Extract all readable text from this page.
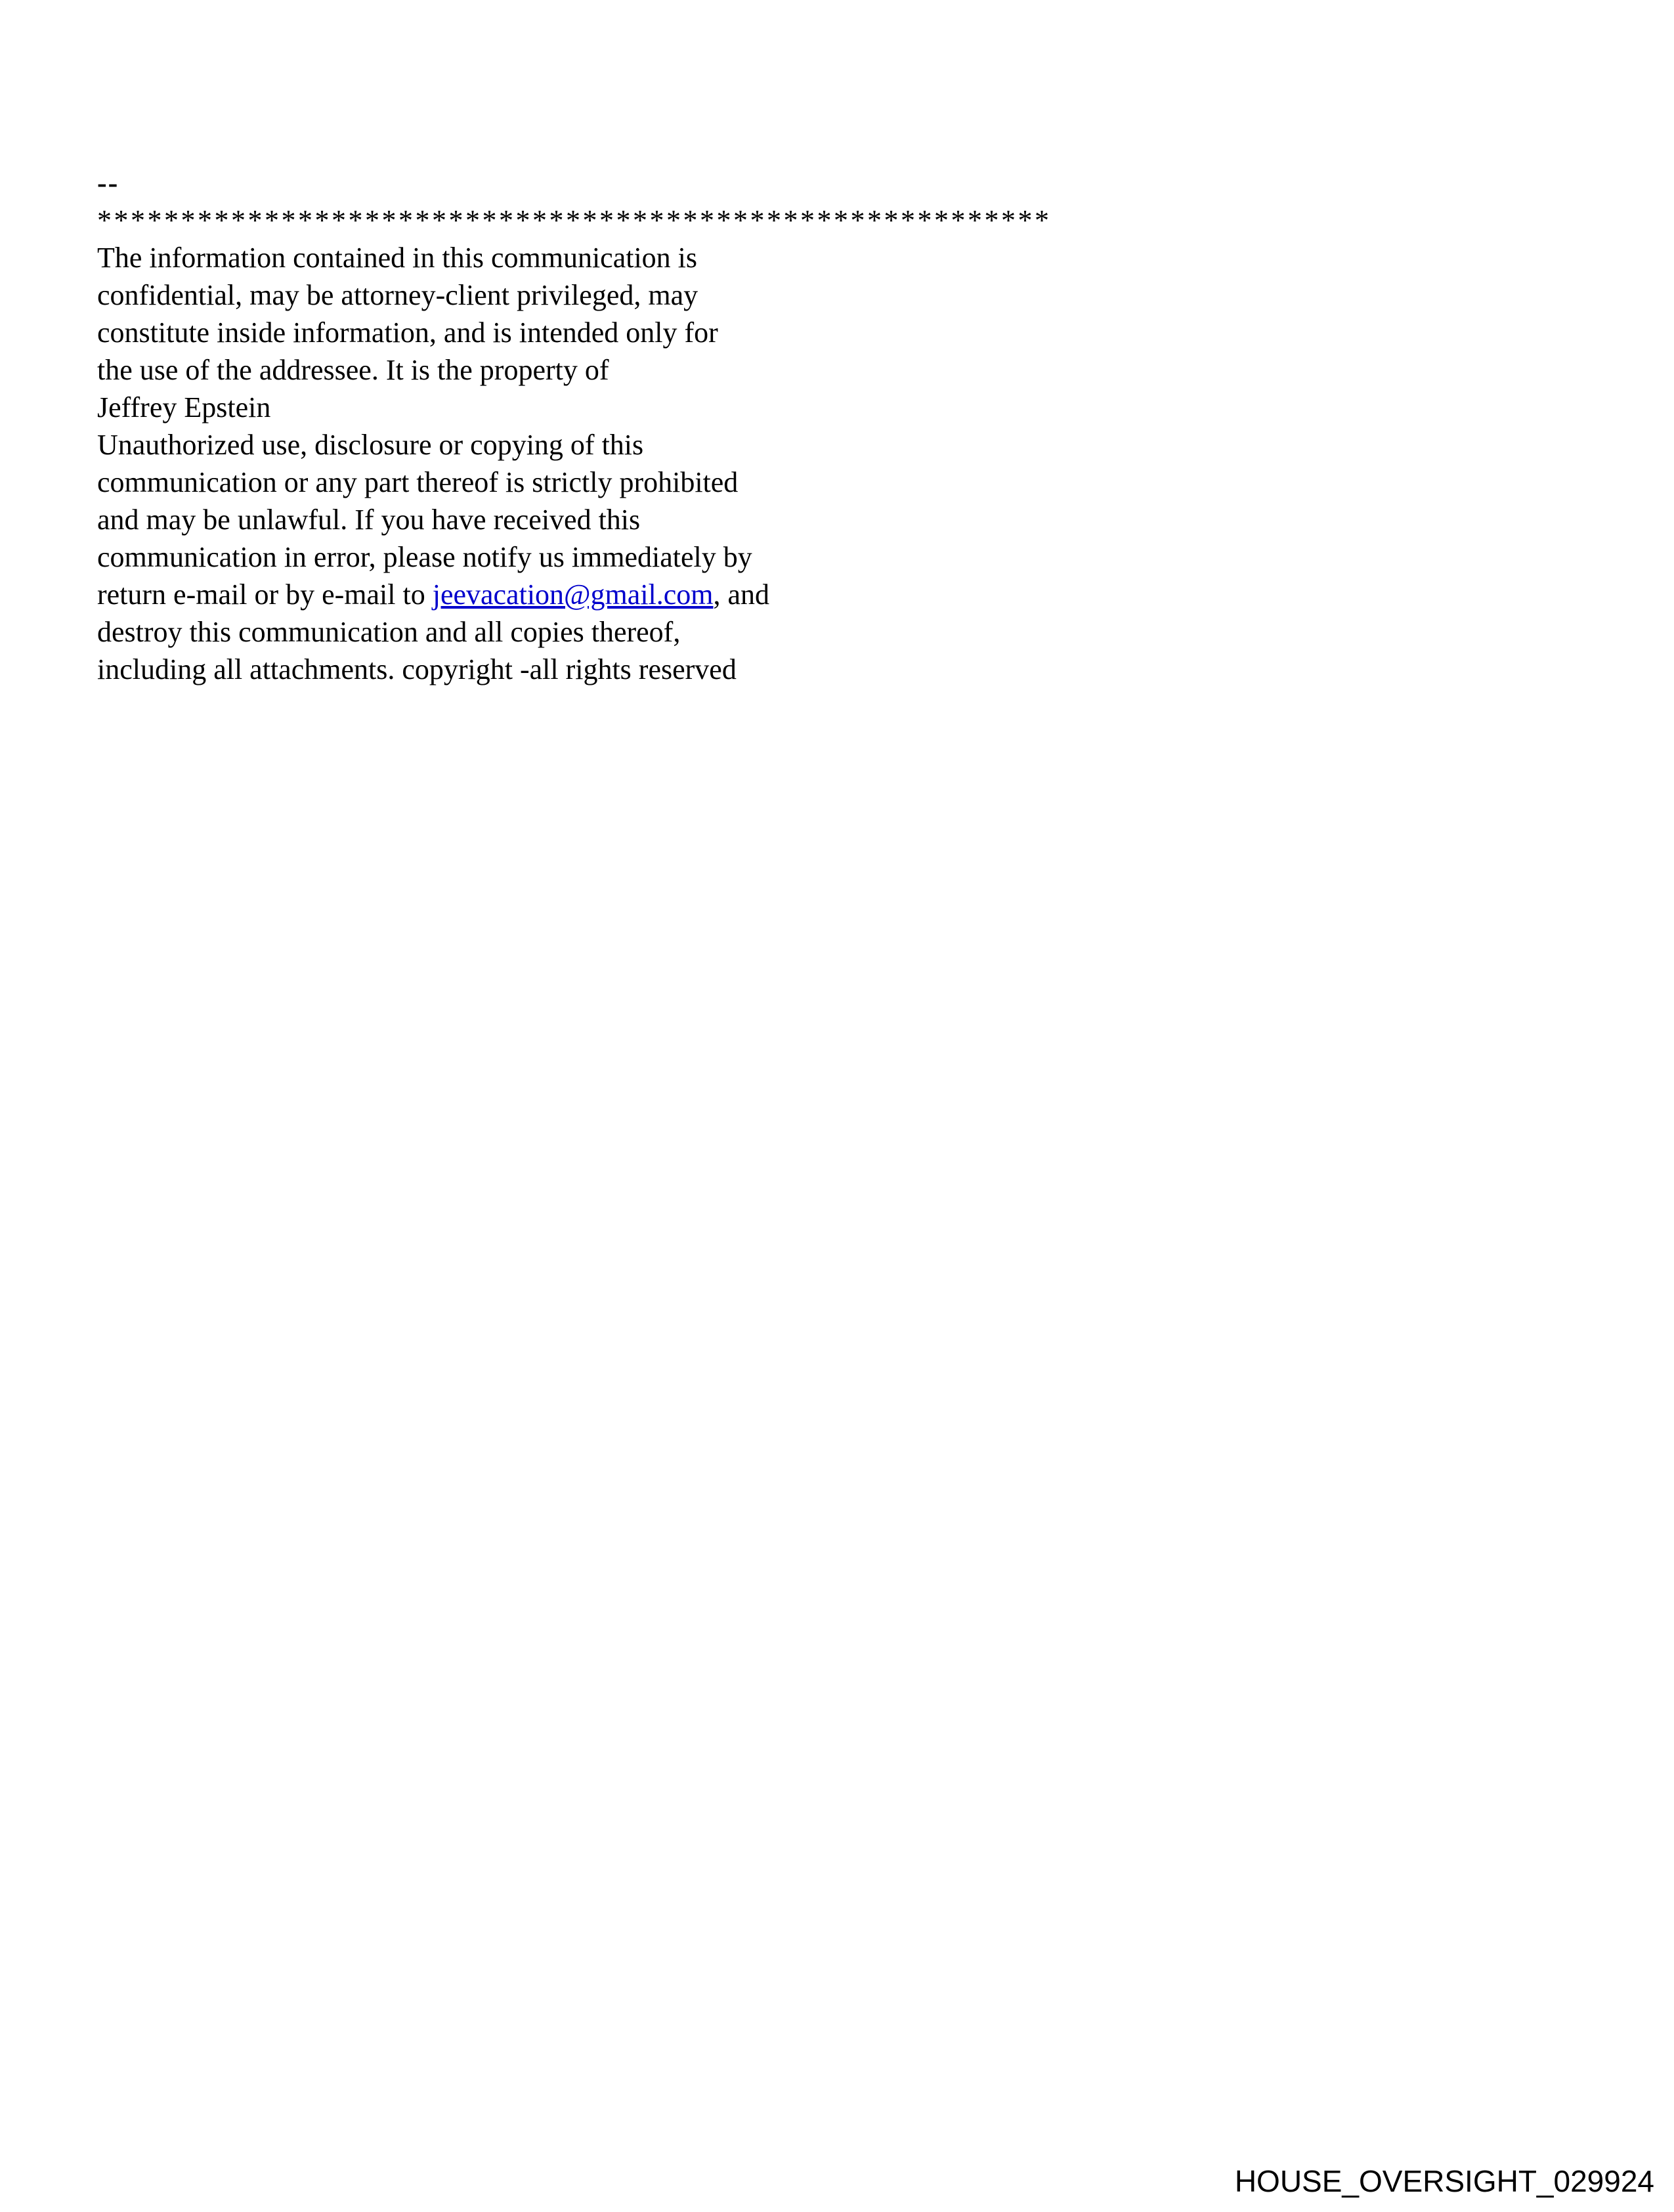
--
*********************************************************
The information contained in this communication is
confidential, may be attorney-client privileged, may
constitute inside information, and is intended only for
the use of the addressee. It is the property of
Jeffrey Epstein
Unauthorized use, disclosure or copying of this
communication or any part thereof is strictly prohibited
and may be unlawful. If you have received this
communication in error, please notify us immediately by
return e-mail or by e-mail to jeevacation@gmail.com, and
destroy this communication and all copies thereof,
including all attachments. copyright -all rights reserved
HOUSE_OVERSIGHT_029924
